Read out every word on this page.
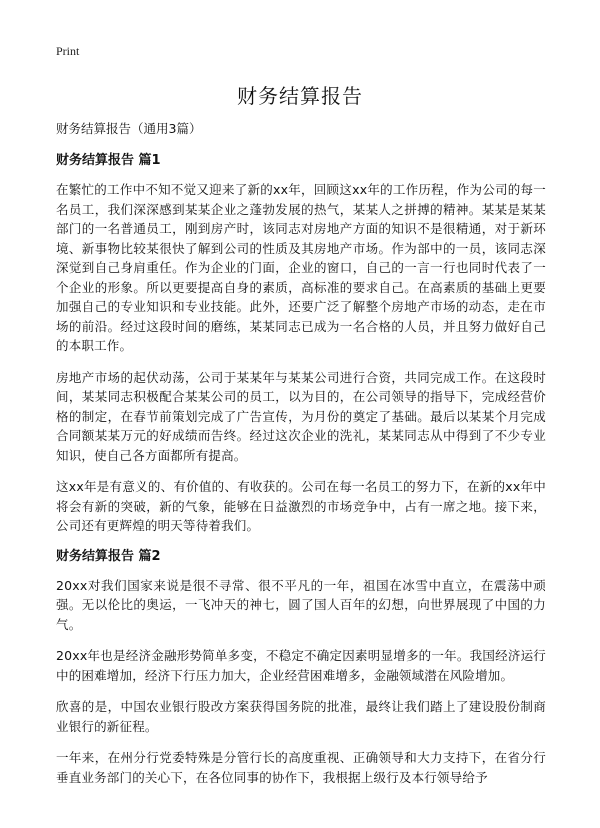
Print
财务结算报告

财务结算报告（通用3篇）

财务结算报告 篇1

在繁忙的工作中不知不觉又迎来了新的xx年，回顾这xx年的工作历程，作为公司的每一名员工，我们深深感到某某企业之蓬勃发展的热气，某某人之拼搏的精神。某某是某某部门的一名普通员工，刚到房产时，该同志对房地产方面的知识不是很精通，对于新环境、新事物比较某很快了解到公司的性质及其房地产市场。作为部中的一员，该同志深深觉到自己身肩重任。作为企业的门面，企业的窗口，自己的一言一行也同时代表了一个企业的形象。所以更要提高自身的素质，高标准的要求自己。在高素质的基础上更要加强自己的专业知识和专业技能。此外，还要广泛了解整个房地产市场的动态，走在市场的前沿。经过这段时间的磨练，某某同志已成为一名合格的人员，并且努力做好自己的本职工作。

房地产市场的起伏动荡，公司于某某年与某某公司进行合资，共同完成工作。在这段时间，某某同志积极配合某某公司的员工，以为目的，在公司领导的指导下，完成经营价格的制定，在春节前策划完成了广告宣传，为月份的奠定了基础。最后以某某个月完成合同额某某万元的好成绩而告终。经过这次企业的洗礼，某某同志从中得到了不少专业知识，使自己各方面都所有提高。

这xx年是有意义的、有价值的、有收获的。公司在每一名员工的努力下，在新的xx年中将会有新的突破，新的气象，能够在日益激烈的市场竞争中，占有一席之地。接下来，公司还有更辉煌的明天等待着我们。

财务结算报告 篇2

20xx对我们国家来说是很不寻常、很不平凡的一年，祖国在冰雪中直立，在震荡中顽强。无以伦比的奥运，一飞冲天的神七，圆了国人百年的幻想，向世界展现了中国的力气。

20xx年也是经济金融形势简单多变，不稳定不确定因素明显增多的一年。我国经济运行中的困难增加，经济下行压力加大，企业经营困难增多，金融领域潜在风险增加。

欣喜的是，中国农业银行股改方案获得国务院的批准，最终让我们踏上了建设股份制商业银行的新征程。

一年来，在州分行党委特殊是分管行长的高度重视、正确领导和大力支持下，在省分行垂直业务部门的关心下，在各位同事的协作下，我根据上级行及本行领导给予
